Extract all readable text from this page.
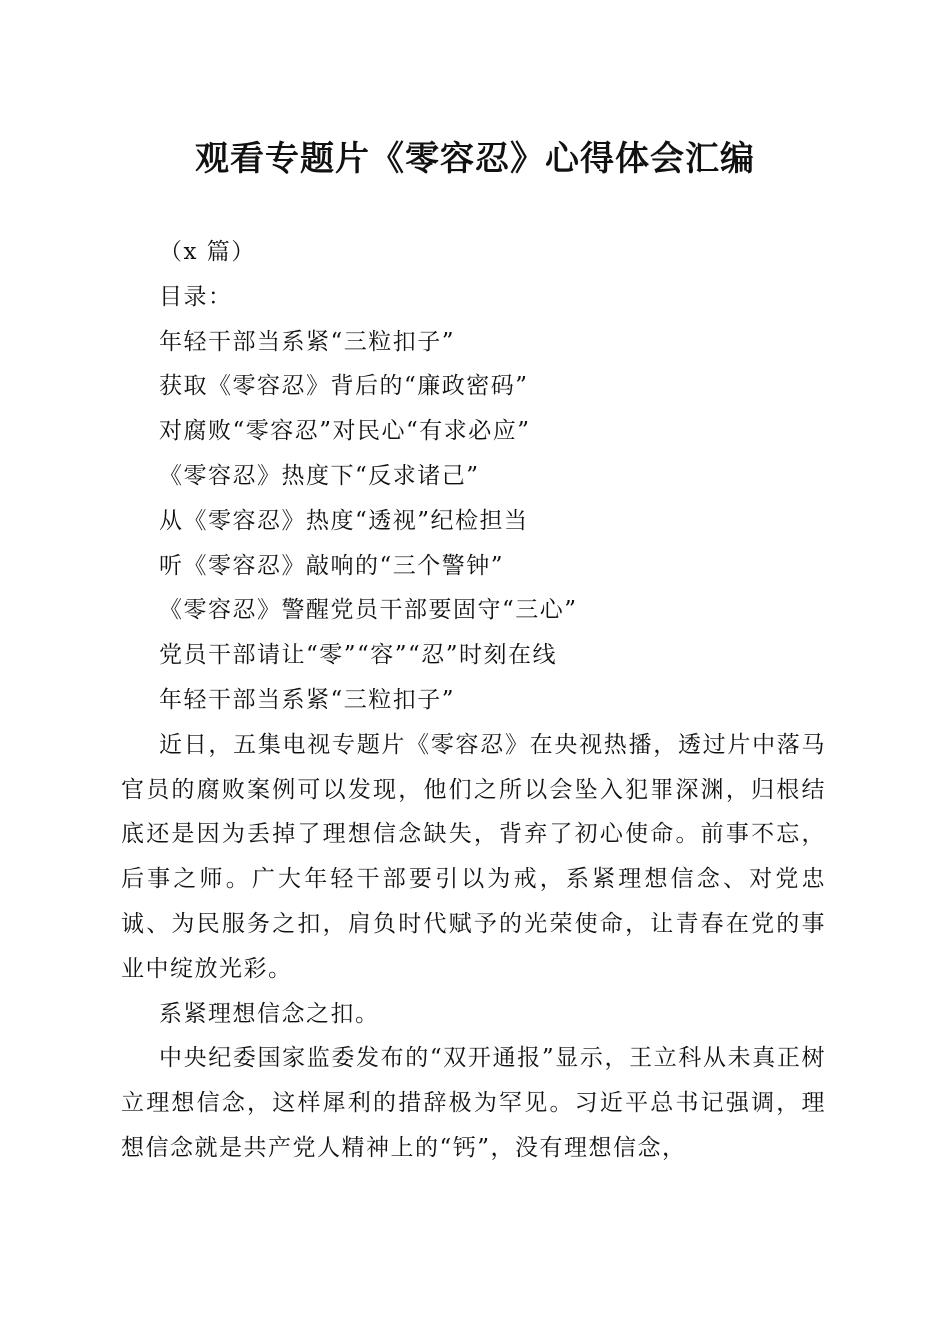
观看专题片《零容忍》心得体会汇编

（x 篇）

目录：

年轻干部当系紧“三粒扣子”

获取《零容忍》背后的“廉政密码”

对腐败“零容忍”对民心“有求必应”

《零容忍》热度下“反求诸己”

从《零容忍》热度“透视”纪检担当

听《零容忍》敲响的“三个警钟”

《零容忍》警醒党员干部要固守“三心”

党员干部请让“零”“容”“忍”时刻在线

年轻干部当系紧“三粒扣子”

近日，五集电视专题片《零容忍》在央视热播，透过片中落马官员的腐败案例可以发现，他们之所以会坠入犯罪深渊，归根结底还是因为丢掉了理想信念缺失，背弃了初心使命。前事不忘，后事之师。广大年轻干部要引以为戒，系紧理想信念、对党忠诚、为民服务之扣，肩负时代赋予的光荣使命，让青春在党的事业中绽放光彩。

系紧理想信念之扣。

中央纪委国家监委发布的“双开通报”显示，王立科从未真正树立理想信念，这样犀利的措辞极为罕见。习近平总书记强调，理想信念就是共产党人精神上的“钙”，没有理想信念，
